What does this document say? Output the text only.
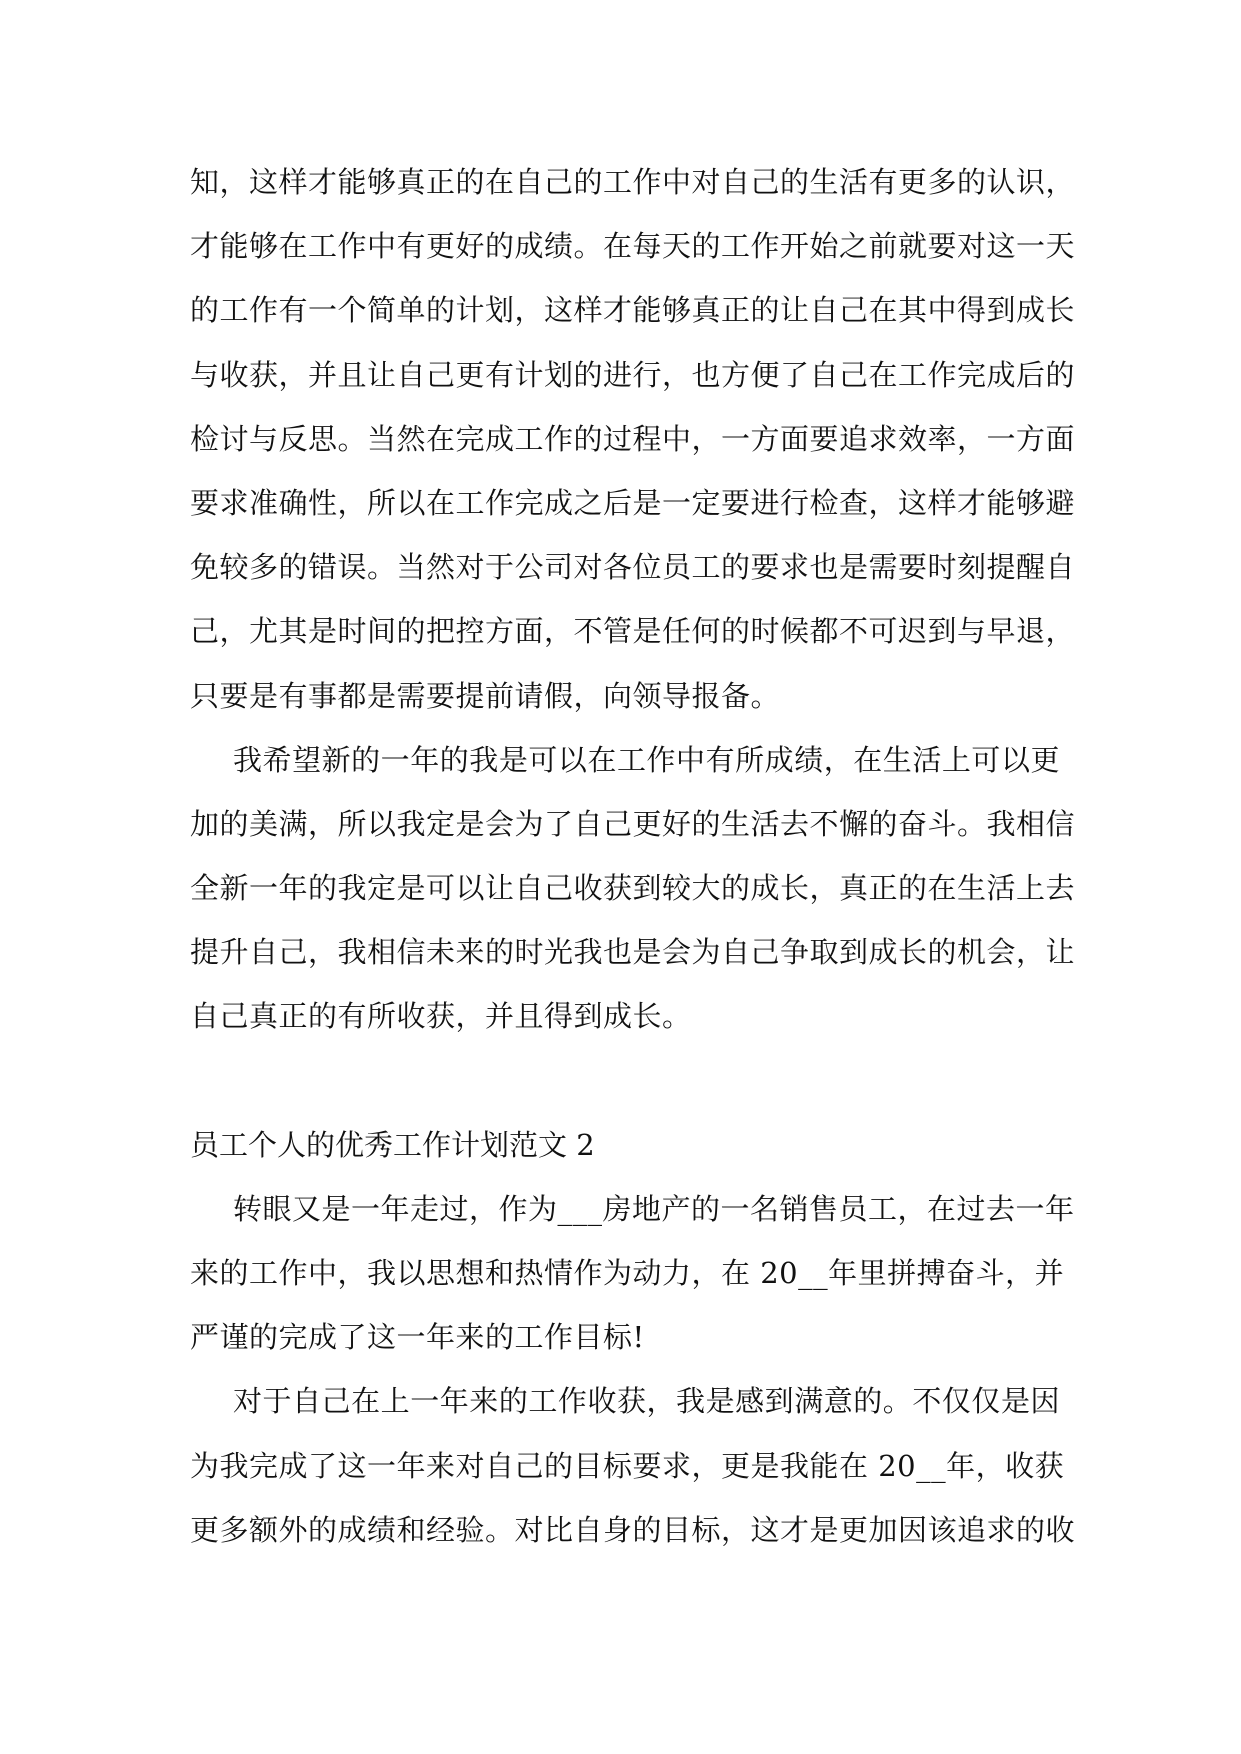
知，这样才能够真正的在自己的工作中对自己的生活有更多的认识，
才能够在工作中有更好的成绩。在每天的工作开始之前就要对这一天
的工作有一个简单的计划，这样才能够真正的让自己在其中得到成长
与收获，并且让自己更有计划的进行，也方便了自己在工作完成后的
检讨与反思。当然在完成工作的过程中，一方面要追求效率，一方面
要求准确性，所以在工作完成之后是一定要进行检查，这样才能够避
免较多的错误。当然对于公司对各位员工的要求也是需要时刻提醒自
己，尤其是时间的把控方面，不管是任何的时候都不可迟到与早退，
只要是有事都是需要提前请假，向领导报备。
我希望新的一年的我是可以在工作中有所成绩，在生活上可以更
加的美满，所以我定是会为了自己更好的生活去不懈的奋斗。我相信
全新一年的我定是可以让自己收获到较大的成长，真正的在生活上去
提升自己，我相信未来的时光我也是会为自己争取到成长的机会，让
自己真正的有所收获，并且得到成长。
员工个人的优秀工作计划范文 2
转眼又是一年走过，作为___房地产的一名销售员工，在过去一年
来的工作中，我以思想和热情作为动力，在 20__年里拼搏奋斗，并
严谨的完成了这一年来的工作目标!
对于自己在上一年来的工作收获，我是感到满意的。不仅仅是因
为我完成了这一年来对自己的目标要求，更是我能在 20__年，收获
更多额外的成绩和经验。对比自身的目标，这才是更加因该追求的收
